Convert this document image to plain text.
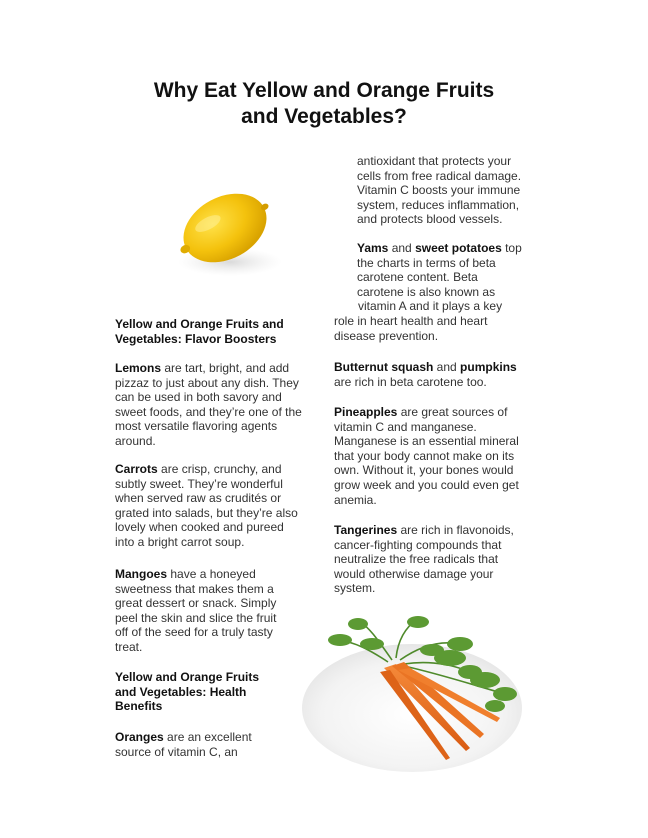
Why Eat Yellow and Orange Fruits
and Vegetables?

Yellow and Orange Fruits and
Vegetables: Flavor Boosters

Lemons are tart, bright, and add
pizzaz to just about any dish. They
can be used in both savory and
sweet foods, and they’re one of the
most versatile flavoring agents
around.

Carrots are crisp, crunchy, and
subtly sweet. They’re wonderful
when served raw as crudités or
grated into salads, but they’re also
lovely when cooked and pureed
into a bright carrot soup.

Mangoes have a honeyed
sweetness that makes them a
great dessert or snack. Simply
peel the skin and slice the fruit
off of the seed for a truly tasty
treat.

Yellow and Orange Fruits
and Vegetables: Health
Benefits

Oranges are an excellent
source of vitamin C, an

antioxidant that protects your
cells from free radical damage.
Vitamin C boosts your immune
system, reduces inflammation,
and protects blood vessels.

Yams and sweet potatoes top
the charts in terms of beta
carotene content. Beta
carotene is also known as

vitamin A and it plays a key
role in heart health and heart
disease prevention.

Butternut squash and pumpkins
are rich in beta carotene too.

Pineapples are great sources of
vitamin C and manganese.
Manganese is an essential mineral
that your body cannot make on its
own. Without it, your bones would
grow week and you could even get
anemia.

Tangerines are rich in flavonoids,
cancer-fighting compounds that
neutralize the free radicals that
would otherwise damage your
system.
